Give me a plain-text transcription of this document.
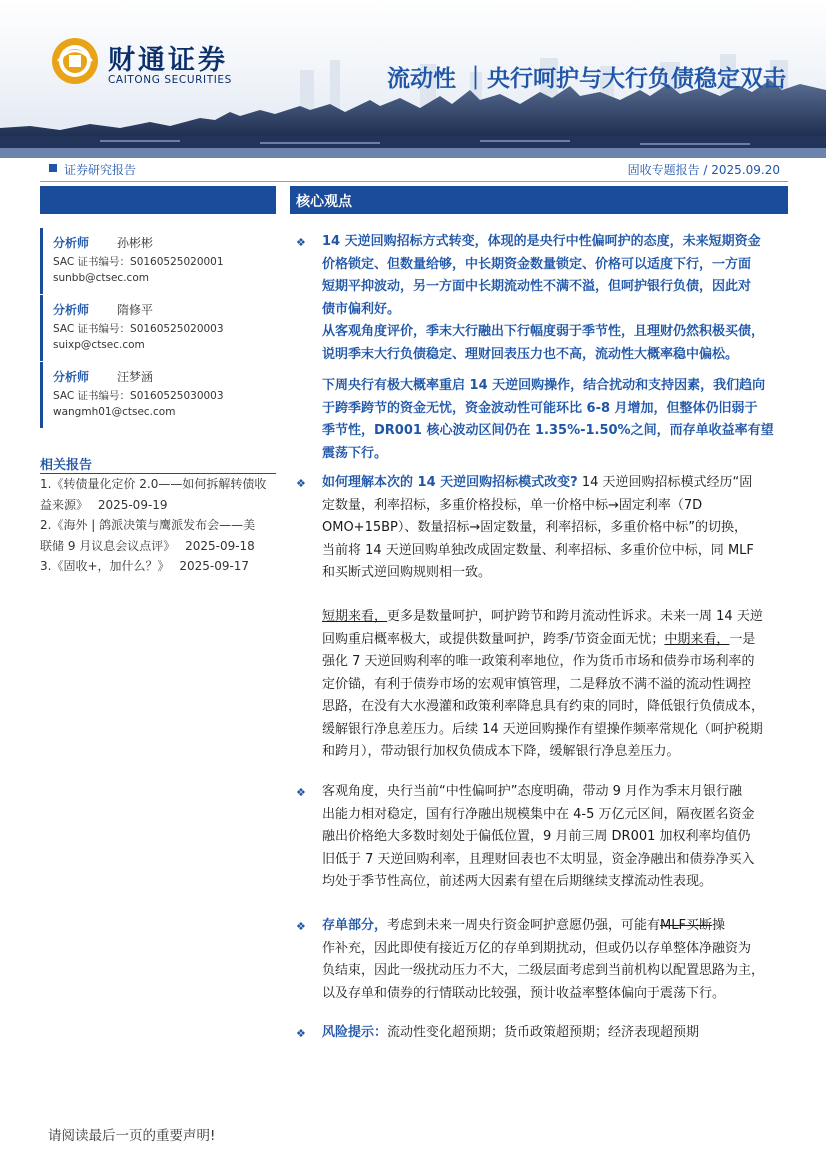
财通证券
CAITONG SECURITIES	流动性 ｜央行呵护与大行负债稳定双击
证券研究报告	固收专题报告 / 2025.09.20
分析师 孙彬彬
SAC 证书编号：S0160525020001
sunbb@ctsec.com
分析师 隋修平
SAC 证书编号：S0160525020003
suixp@ctsec.com
分析师 汪梦涵
SAC 证书编号：S0160525030003
wangmh01@ctsec.com
相关报告
1.《转债量化定价 2.0——如何拆解转债收
益来源》　 2025-09-19
2.《海外 | 鸽派决策与鹰派发布会——美
联储 9 月议息会议点评》　 2025-09-18
3.《固收+，加什么？》　 2025-09-17
核心观点
❖ 14 天逆回购招标方式转变，体现的是央行中性偏呵护的态度，未来短期资金
价格锁定、但数量给够，中长期资金数量锁定、价格可以适度下行，一方面
短期平抑波动，另一方面中长期流动性不满不溢，但呵护银行负债，因此对
债市偏利好。
从客观角度评价，季末大行融出下行幅度弱于季节性，且理财仍然积极买债，
说明季末大行负债稳定、理财回表压力也不高，流动性大概率稳中偏松。
下周央行有极大概率重启 14 天逆回购操作，结合扰动和支持因素，我们趋向
于跨季跨节的资金无忧，资金波动性可能环比 6-8 月增加，但整体仍旧弱于
季节性，DR001 核心波动区间仍在 1.35%-1.50%之间，而存单收益率有望
震荡下行。
❖ 如何理解本次的 14 天逆回购招标模式改变? 14 天逆回购招标模式经历“固
定数量，利率招标，多重价格投标，单一价格中标→固定利率（7D
OMO+15BP）、数量招标→固定数量，利率招标，多重价格中标”的切换，
当前将 14 天逆回购单独改成固定数量、利率招标、多重价位中标，同 MLF
和买断式逆回购规则相一致。
短期来看，更多是数量呵护，呵护跨节和跨月流动性诉求。未来一周 14 天逆
回购重启概率极大，或提供数量呵护，跨季/节资金面无忧；中期来看，一是
强化 7 天逆回购利率的唯一政策利率地位，作为货币市场和债券市场利率的
定价锚，有利于债券市场的宏观审慎管理，二是释放不满不溢的流动性调控
思路，在没有大水漫灌和政策利率降息具有约束的同时，降低银行负债成本，
缓解银行净息差压力。后续 14 天逆回购操作有望操作频率常规化（呵护税期
和跨月），带动银行加权负债成本下降，缓解银行净息差压力。
❖ 客观角度，央行当前“中性偏呵护”态度明确，带动 9 月作为季末月银行融
出能力相对稳定，国有行净融出规模集中在 4-5 万亿元区间，隔夜匿名资金
融出价格绝大多数时刻处于偏低位置，9 月前三周 DR001 加权利率均值仍
旧低于 7 天逆回购利率，且理财回表也不太明显，资金净融出和债券净买入
均处于季节性高位，前述两大因素有望在后期继续支撑流动性表现。
❖ 存单部分，考虑到未来一周央行资金呵护意愿仍强，可能有MLF买断操
作补充，因此即使有接近万亿的存单到期扰动，但或仍以存单整体净融资为
负结束，因此一级扰动压力不大，二级层面考虑到当前机构以配置思路为主，
以及存单和债券的行情联动比较强，预计收益率整体偏向于震荡下行。
❖ 风险提示：流动性变化超预期；货币政策超预期；经济表现超预期
请阅读最后一页的重要声明!
